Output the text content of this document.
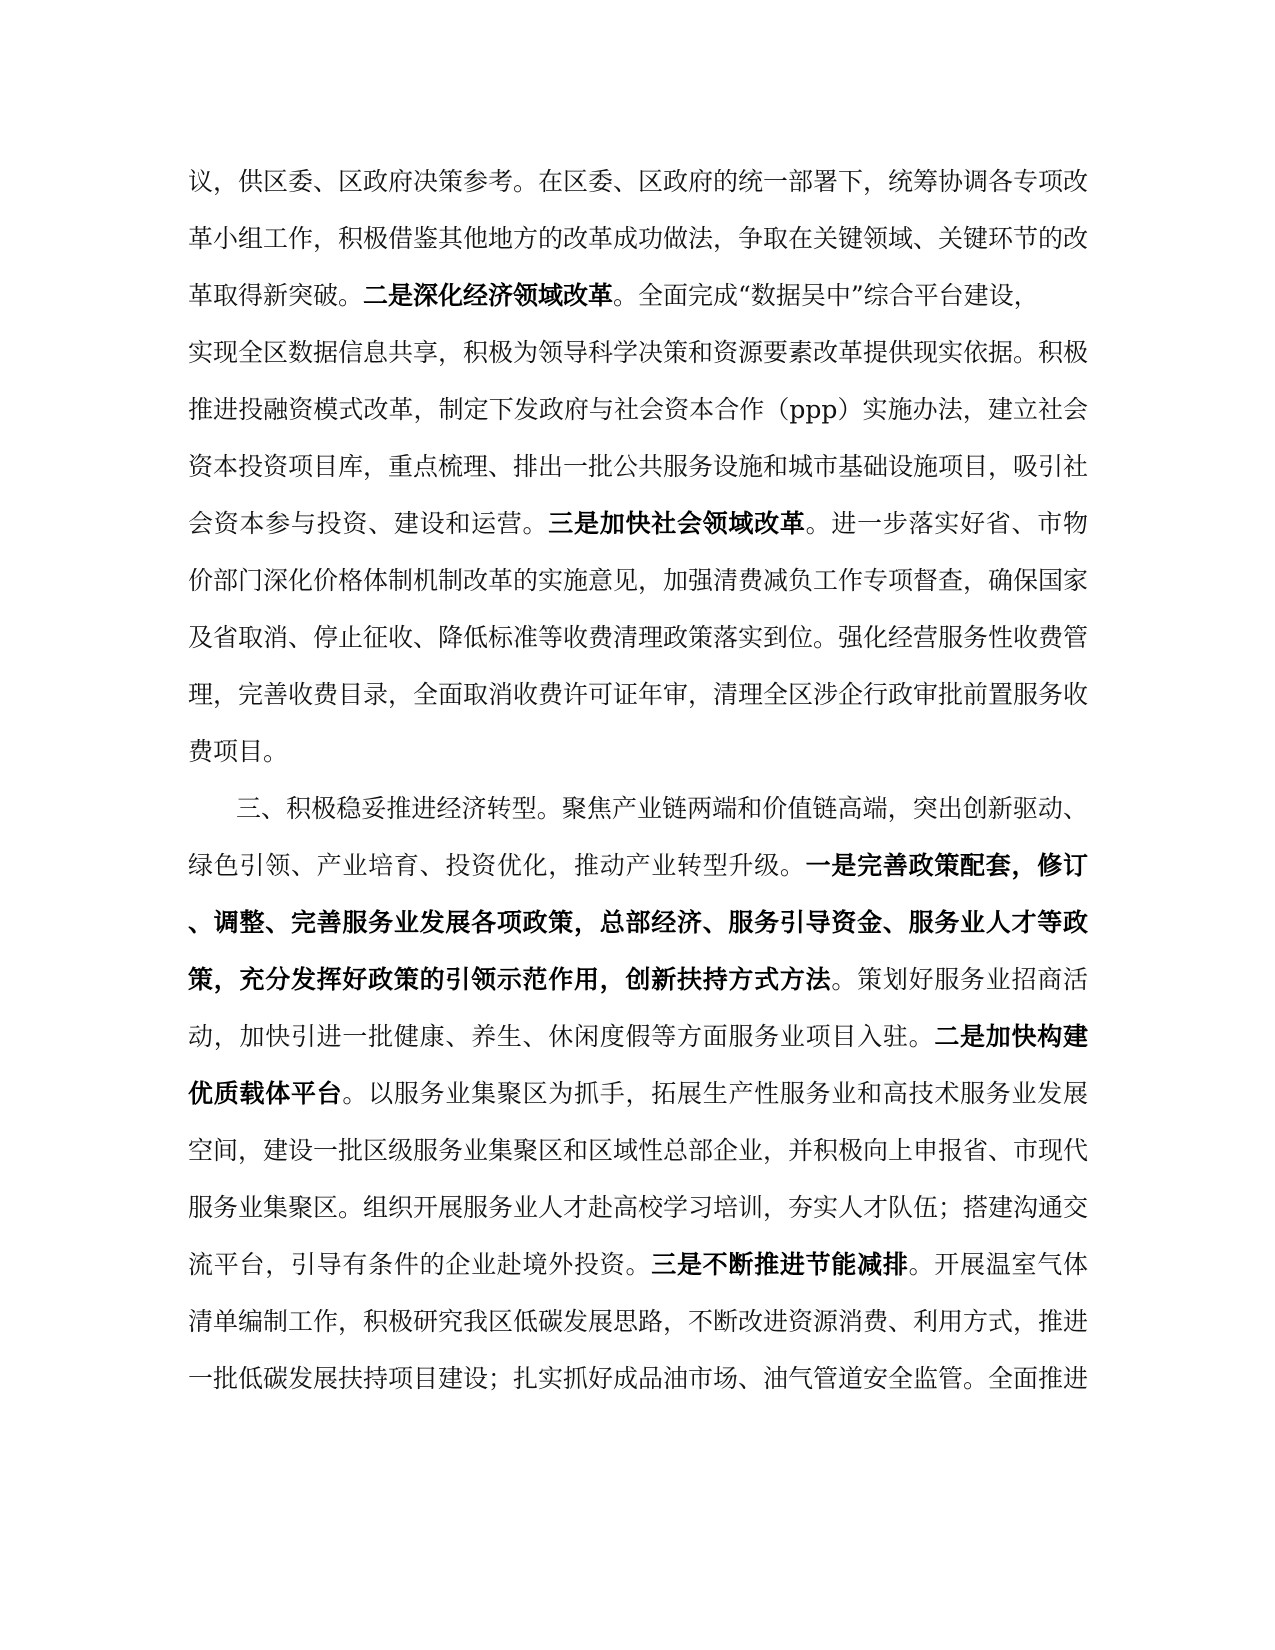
议，供区委、区政府决策参考。在区委、区政府的统一部署下，统筹协调各专项改
革小组工作，积极借鉴其他地方的改革成功做法，争取在关键领域、关键环节的改
革取得新突破。二是深化经济领域改革。全面完成“数据吴中”综合平台建设，
实现全区数据信息共享，积极为领导科学决策和资源要素改革提供现实依据。积极
推进投融资模式改革，制定下发政府与社会资本合作（ppp）实施办法，建立社会
资本投资项目库，重点梳理、排出一批公共服务设施和城市基础设施项目，吸引社
会资本参与投资、建设和运营。三是加快社会领域改革。进一步落实好省、市物
价部门深化价格体制机制改革的实施意见，加强清费减负工作专项督查，确保国家
及省取消、停止征收、降低标准等收费清理政策落实到位。强化经营服务性收费管
理，完善收费目录，全面取消收费许可证年审，清理全区涉企行政审批前置服务收
费项目。
三、积极稳妥推进经济转型。聚焦产业链两端和价值链高端，突出创新驱动、
绿色引领、产业培育、投资优化，推动产业转型升级。一是完善政策配套，修订
、调整、完善服务业发展各项政策，总部经济、服务引导资金、服务业人才等政
策，充分发挥好政策的引领示范作用，创新扶持方式方法。策划好服务业招商活
动，加快引进一批健康、养生、休闲度假等方面服务业项目入驻。二是加快构建
优质载体平台。以服务业集聚区为抓手，拓展生产性服务业和高技术服务业发展
空间，建设一批区级服务业集聚区和区域性总部企业，并积极向上申报省、市现代
服务业集聚区。组织开展服务业人才赴高校学习培训，夯实人才队伍；搭建沟通交
流平台，引导有条件的企业赴境外投资。三是不断推进节能减排。开展温室气体
清单编制工作，积极研究我区低碳发展思路，不断改进资源消费、利用方式，推进
一批低碳发展扶持项目建设；扎实抓好成品油市场、油气管道安全监管。全面推进
